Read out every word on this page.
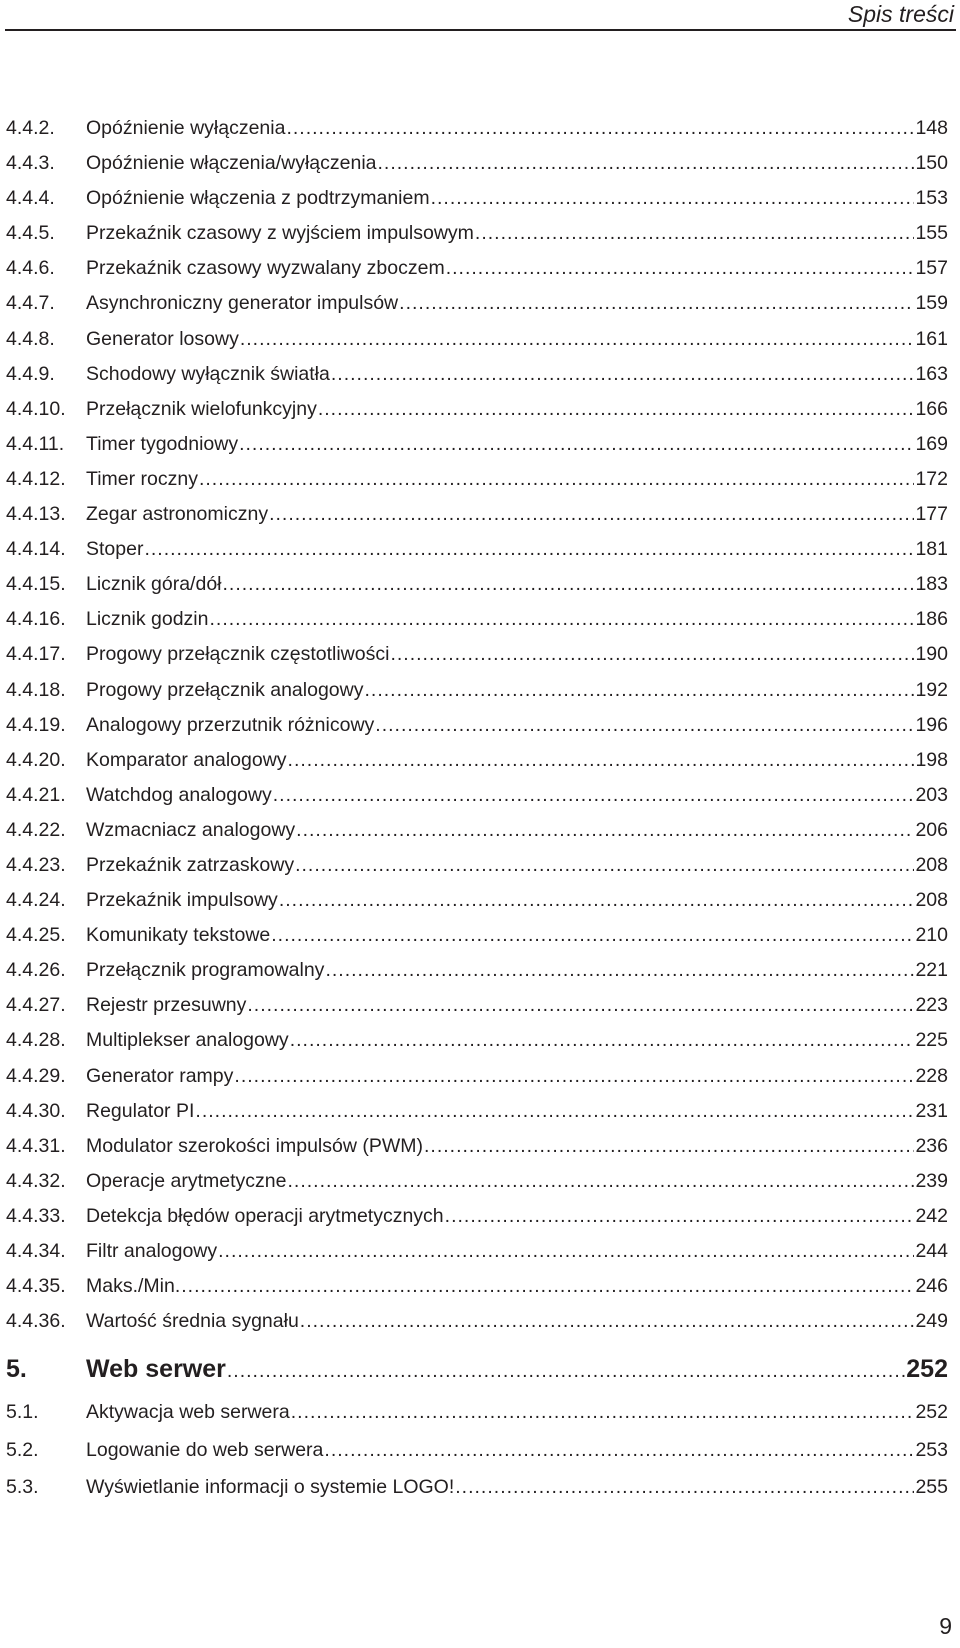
Spis treści
4.4.2.	Opóźnienie wyłączenia .....	148
4.4.3.	Opóźnienie włączenia/wyłączenia .....	150
4.4.4.	Opóźnienie włączenia z podtrzymaniem .....	153
4.4.5.	Przekaźnik czasowy z wyjściem impulsowym .....	155
4.4.6.	Przekaźnik czasowy wyzwalany zboczem .....	157
4.4.7.	Asynchroniczny generator impulsów .....	159
4.4.8.	Generator losowy .....	161
4.4.9.	Schodowy wyłącznik światła .....	163
4.4.10.	Przełącznik wielofunkcyjny .....	166
4.4.11.	Timer tygodniowy .....	169
4.4.12.	Timer roczny .....	172
4.4.13.	Zegar astronomiczny .....	177
4.4.14.	Stoper .....	181
4.4.15.	Licznik góra/dół .....	183
4.4.16.	Licznik godzin .....	186
4.4.17.	Progowy przełącznik częstotliwości .....	190
4.4.18.	Progowy przełącznik analogowy .....	192
4.4.19.	Analogowy przerzutnik różnicowy .....	196
4.4.20.	Komparator analogowy .....	198
4.4.21.	Watchdog analogowy .....	203
4.4.22.	Wzmacniacz analogowy .....	206
4.4.23.	Przekaźnik zatrzaskowy .....	208
4.4.24.	Przekaźnik impulsowy .....	208
4.4.25.	Komunikaty tekstowe .....	210
4.4.26.	Przełącznik programowalny .....	221
4.4.27.	Rejestr przesuwny .....	223
4.4.28.	Multiplekser analogowy .....	225
4.4.29.	Generator rampy .....	228
4.4.30.	Regulator PI .....	231
4.4.31.	Modulator szerokości impulsów (PWM) .....	236
4.4.32.	Operacje arytmetyczne .....	239
4.4.33.	Detekcja błędów operacji arytmetycznych .....	242
4.4.34.	Filtr analogowy .....	244
4.4.35.	Maks./Min. .....	246
4.4.36.	Wartość średnia sygnału .....	249
5.	Web serwer .....	252
5.1.	Aktywacja web serwera .....	252
5.2.	Logowanie do web serwera .....	253
5.3.	Wyświetlanie informacji o systemie LOGO! .....	255
9
